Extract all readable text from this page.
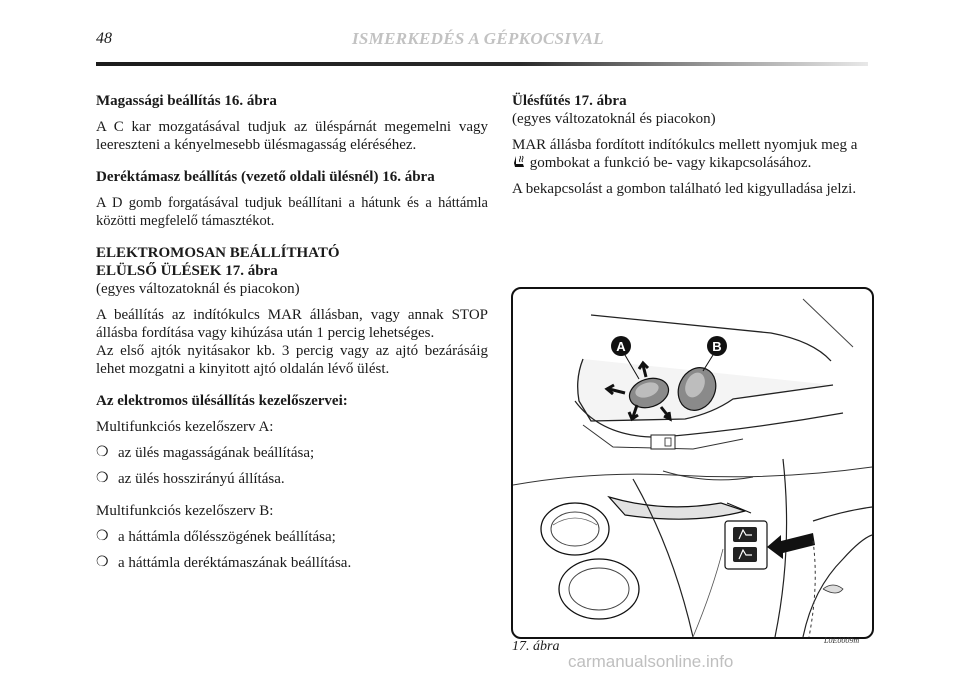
48	ISMERKEDÉS A GÉPKOCSIVAL

Magassági beállítás 16. ábra

A C kar mozgatásával tudjuk az üléspárnát megemelni vagy leereszteni a kényelmesebb ülésmagasság eléréséhez.

Deréktámasz beállítás (vezető oldali ülésnél) 16. ábra

A D gomb forgatásával tudjuk beállítani a hátunk és a háttámla közötti megfelelő támasztékot.

ELEKTROMOSAN BEÁLLÍTHATÓ

ELÜLSŐ ÜLÉSEK 17. ábra

(egyes változatoknál és piacokon)

A beállítás az indítókulcs MAR állásban, vagy annak STOP állásba fordítása vagy kihúzása után 1 percig lehetséges.

Az első ajtók nyitásakor kb. 3 percig vagy az ajtó bezárásáig lehet mozgatni a kinyitott ajtó oldalán lévő ülést.

Az elektromos ülésállítás kezelőszervei:

Multifunkciós kezelőszerv A:

❍ az ülés magasságának beállítása;

❍ az ülés hosszirányú állítása.

Multifunkciós kezelőszerv B:

❍ a háttámla dőlésszögének beállítása;

❍ a háttámla deréktámaszának beállítása.

Ülésfűtés 17. ábra

(egyes változatoknál és piacokon)

MAR állásba fordított indítókulcs mellett nyomjuk meg a  gombokat a funkció be- vagy kikapcsolásához.

A bekapcsolást a gombon található led kigyulladása jelzi.

A	B
17. ábra	L0E0009m
carmanualsonline.info
